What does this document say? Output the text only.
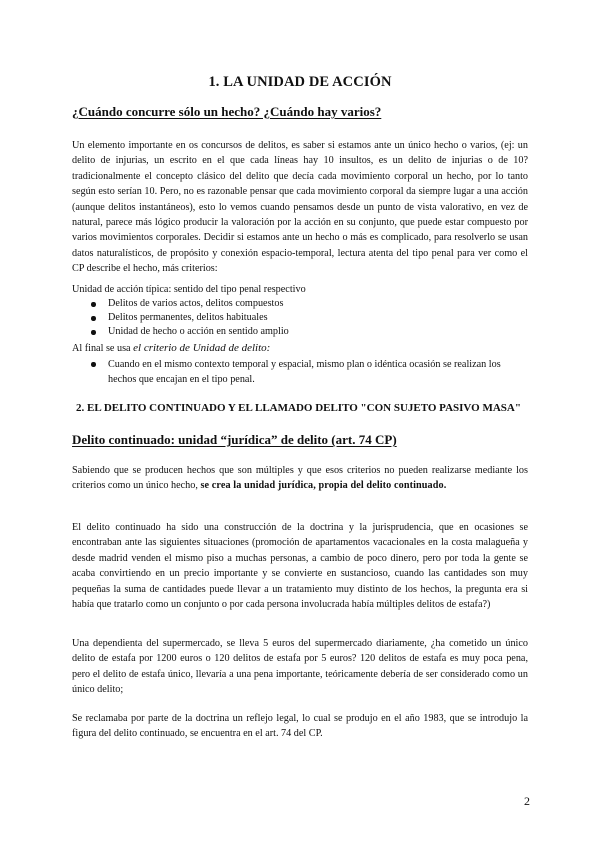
1. LA UNIDAD DE ACCIÓN
¿Cuándo concurre sólo un hecho? ¿Cuándo hay varios?

Un elemento importante en os concursos de delitos, es saber si estamos ante un único hecho o varios, (ej: un delito de injurias, un escrito en el que cada líneas hay 10 insultos, es un delito de injurias o de 10? tradicionalmente el concepto clásico del delito que decía cada movimiento corporal un hecho, por lo tanto según esto serían 10. Pero, no es razonable pensar que cada movimiento corporal da siempre lugar a una acción (aunque delitos instantáneos), esto lo vemos cuando pensamos desde un punto de vista valorativo, en vez de natural, parece más lógico producir la valoración por la acción en su conjunto, que puede estar compuesto por varios movimientos corporales. Decidir si estamos ante un hecho o más es complicado, para resolverlo se usan datos naturalísticos, de propósito y conexión espacio-temporal, lectura atenta del tipo penal para ver como el CP describe el hecho, más criterios:

Unidad de acción típica: sentido del tipo penal respectivo

Delitos de varios actos, delitos compuestos
Delitos permanentes, delitos habituales
Unidad de hecho o acción en sentido amplio

Al final se usa el criterio de Unidad de delito:

Cuando en el mismo contexto temporal y espacial, mismo plan o idéntica ocasión se realizan los hechos que encajan en el tipo penal.
2. EL DELITO CONTINUADO Y EL LLAMADO DELITO "CON SUJETO PASIVO MASA"
Delito continuado: unidad “jurídica” de delito (art. 74 CP)

Sabiendo que se producen hechos que son múltiples y que esos criterios no pueden realizarse mediante los criterios como un único hecho, se crea la unidad jurídica, propia del delito continuado.

El delito continuado ha sido una construcción de la doctrina y la jurisprudencia, que en ocasiones se encontraban ante las siguientes situaciones (promoción de apartamentos vacacionales en la costa malagueña y desde madrid venden el mismo piso a muchas personas, a cambio de poco dinero, pero por toda la gente se acaba convirtiendo en un precio importante y se convierte en sustancioso, cuando las cantidades son muy pequeñas la suma de cantidades puede llevar a un tratamiento muy distinto de los hechos, la pregunta era si había que tratarlo como un conjunto o por cada persona involucrada había múltiples delitos de estafa?)

Una dependienta del supermercado, se lleva 5 euros del supermercado diariamente, ¿ha cometido un único delito de estafa por 1200 euros o 120 delitos de estafa por 5 euros? 120 delitos de estafa es muy poca pena, pero el delito de estafa único, llevaría a una pena importante, teóricamente debería de ser considerado como un único delito;

Se reclamaba por parte de la doctrina un reflejo legal, lo cual se produjo en el año 1983, que se introdujo la figura del delito continuado, se encuentra en el art. 74 del CP.

2
